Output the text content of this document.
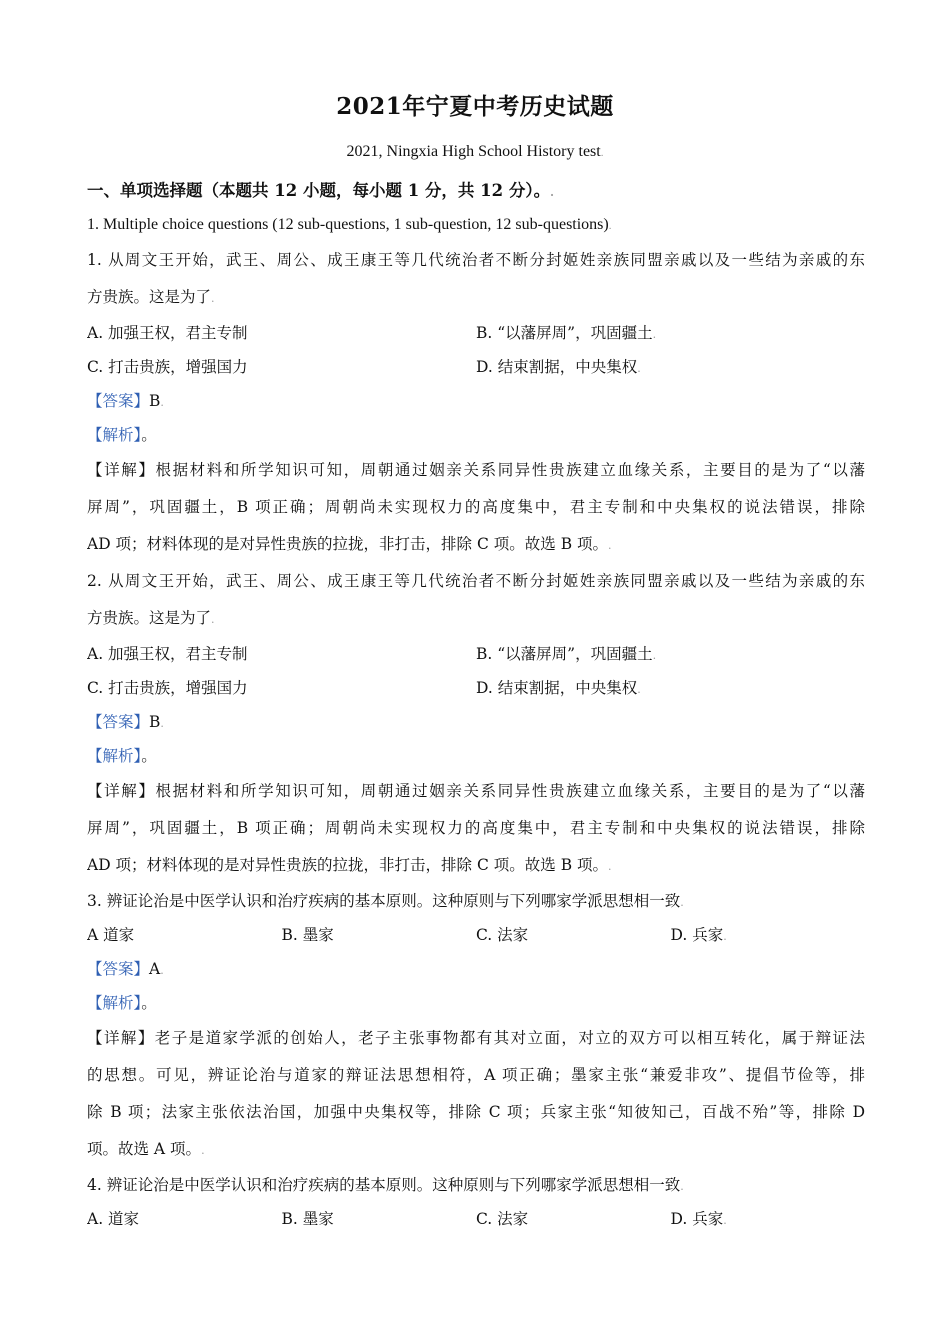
2021年宁夏中考历史试题
2021, Ningxia High School History test.
一、单项选择题（本题共 12 小题，每小题 1 分，共 12 分）。.
1. Multiple choice questions (12 sub-questions, 1 sub-question, 12 sub-questions).
1. 从周文王开始，武王、周公、成王康王等几代统治者不断分封姬姓亲族同盟亲戚以及一些结为亲戚的东
方贵族。这是为了.
A. 加强王权，君主专制	B. “以藩屏周”，巩固疆土.
C. 打击贵族，增强国力	D. 结束割据，中央集权.
【答案】B.
【解析】。
【详解】根据材料和所学知识可知，周朝通过姻亲关系同异性贵族建立血缘关系，主要目的是为了“以藩
屏周”，巩固疆土，B 项正确；周朝尚未实现权力的高度集中，君主专制和中央集权的说法错误，排除
AD 项；材料体现的是对异性贵族的拉拢，非打击，排除 C 项。故选 B 项。.
2. 从周文王开始，武王、周公、成王康王等几代统治者不断分封姬姓亲族同盟亲戚以及一些结为亲戚的东
方贵族。这是为了.
A. 加强王权，君主专制	B. “以藩屏周”，巩固疆土.
C. 打击贵族，增强国力	D. 结束割据，中央集权.
【答案】B.
【解析】。
【详解】根据材料和所学知识可知，周朝通过姻亲关系同异性贵族建立血缘关系，主要目的是为了“以藩
屏周”，巩固疆土，B 项正确；周朝尚未实现权力的高度集中，君主专制和中央集权的说法错误，排除
AD 项；材料体现的是对异性贵族的拉拢，非打击，排除 C 项。故选 B 项。.
3. 辨证论治是中医学认识和治疗疾病的基本原则。这种原则与下列哪家学派思想相一致.
A 道家	B. 墨家	C. 法家	D. 兵家.
【答案】A.
【解析】。
【详解】老子是道家学派的创始人，老子主张事物都有其对立面，对立的双方可以相互转化，属于辩证法
的思想。可见，辨证论治与道家的辩证法思想相符，A 项正确；墨家主张“兼爱非攻”、提倡节俭等，排
除 B 项；法家主张依法治国，加强中央集权等，排除 C 项；兵家主张“知彼知己，百战不殆”等，排除 D
项。故选 A 项。.
4. 辨证论治是中医学认识和治疗疾病的基本原则。这种原则与下列哪家学派思想相一致.
A. 道家	B. 墨家	C. 法家	D. 兵家.
